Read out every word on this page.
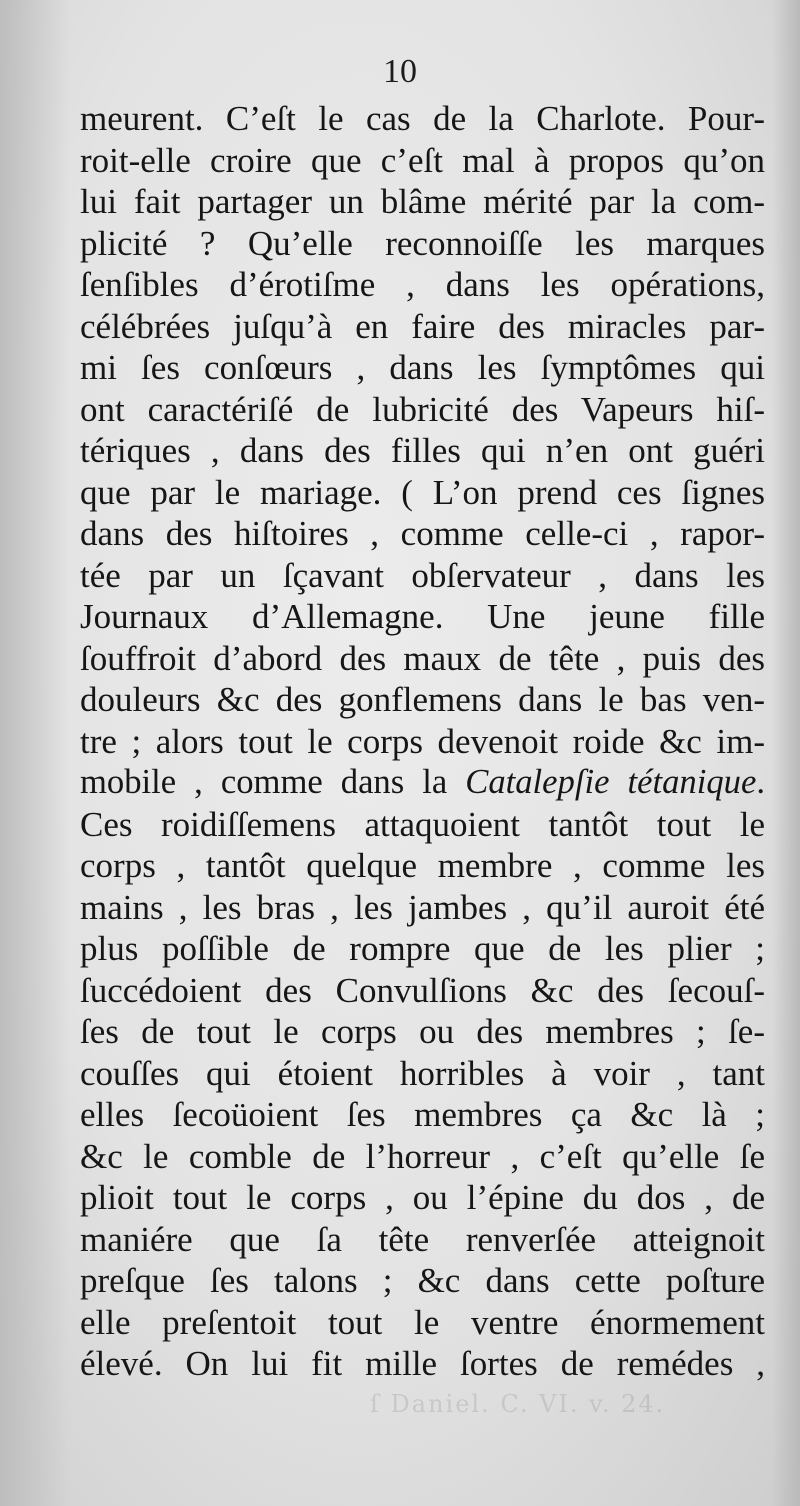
ſ Daniel. C. VI. v. 24.
10
meurent. C’eſt le cas de la Charlote. Pour-
roit-elle croire que c’eſt mal à propos qu’on
lui fait partager un blâme mérité par la com-
plicité ? Qu’elle reconnoiſſe les marques
ſenſibles d’érotiſme , dans les opérations,
célébrées juſqu’à en faire des miracles par-
mi ſes conſœurs , dans les ſymptômes qui
ont caractériſé de lubricité des Vapeurs hiſ-
tériques , dans des filles qui n’en ont guéri
que par le mariage. ( L’on prend ces ſignes
dans des hiſtoires , comme celle-ci , rapor-
tée par un ſçavant obſervateur , dans les
Journaux d’Allemagne. Une jeune fille
ſouffroit d’abord des maux de tête , puis des
douleurs &c des gonflemens dans le bas ven-
tre ; alors tout le corps devenoit roide &c im-
mobile , comme dans la Catalepſie tétanique.
Ces roidiſſemens attaquoient tantôt tout le
corps , tantôt quelque membre , comme les
mains , les bras , les jambes , qu’il auroit été
plus poſſible de rompre que de les plier ;
ſuccédoient des Convulſions &c des ſecouſ-
ſes de tout le corps ou des membres ; ſe-
couſſes qui étoient horribles à voir , tant
elles ſecoüoient ſes membres ça &c là ;
&c le comble de l’horreur , c’eſt qu’elle ſe
plioit tout le corps , ou l’épine du dos , de
maniére que ſa tête renverſée atteignoit
preſque ſes talons ; &c dans cette poſture
elle preſentoit tout le ventre énormement
élevé. On lui fit mille ſortes de remédes ,
